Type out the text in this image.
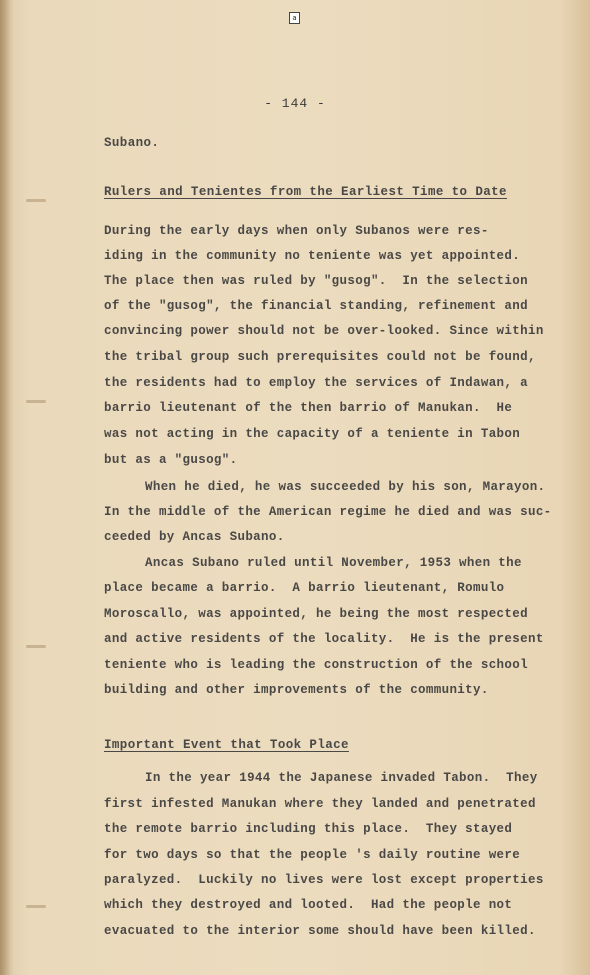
a
- 144 -
Subano.
Rulers and Tenientes from the Earliest Time to Date
During the early days when only Subanos were res-
iding in the community no teniente was yet appointed.
The place then was ruled by "gusog".  In the selection
of the "gusog", the financial standing, refinement and
convincing power should not be over-looked. Since within
the tribal group such prerequisites could not be found,
the residents had to employ the services of Indawan, a
barrio lieutenant of the then barrio of Manukan.  He
was not acting in the capacity of a teniente in Tabon
but as a "gusog".
When he died, he was succeeded by his son, Marayon.
In the middle of the American regime he died and was suc-
ceeded by Ancas Subano.
Ancas Subano ruled until November, 1953 when the
place became a barrio.  A barrio lieutenant, Romulo
Moroscallo, was appointed, he being the most respected
and active residents of the locality.  He is the present
teniente who is leading the construction of the school
building and other improvements of the community.
Important Event that Took Place
In the year 1944 the Japanese invaded Tabon.  They
first infested Manukan where they landed and penetrated
the remote barrio including this place.  They stayed
for two days so that the people 's daily routine were
paralyzed.  Luckily no lives were lost except properties
which they destroyed and looted.  Had the people not
evacuated to the interior some should have been killed.
